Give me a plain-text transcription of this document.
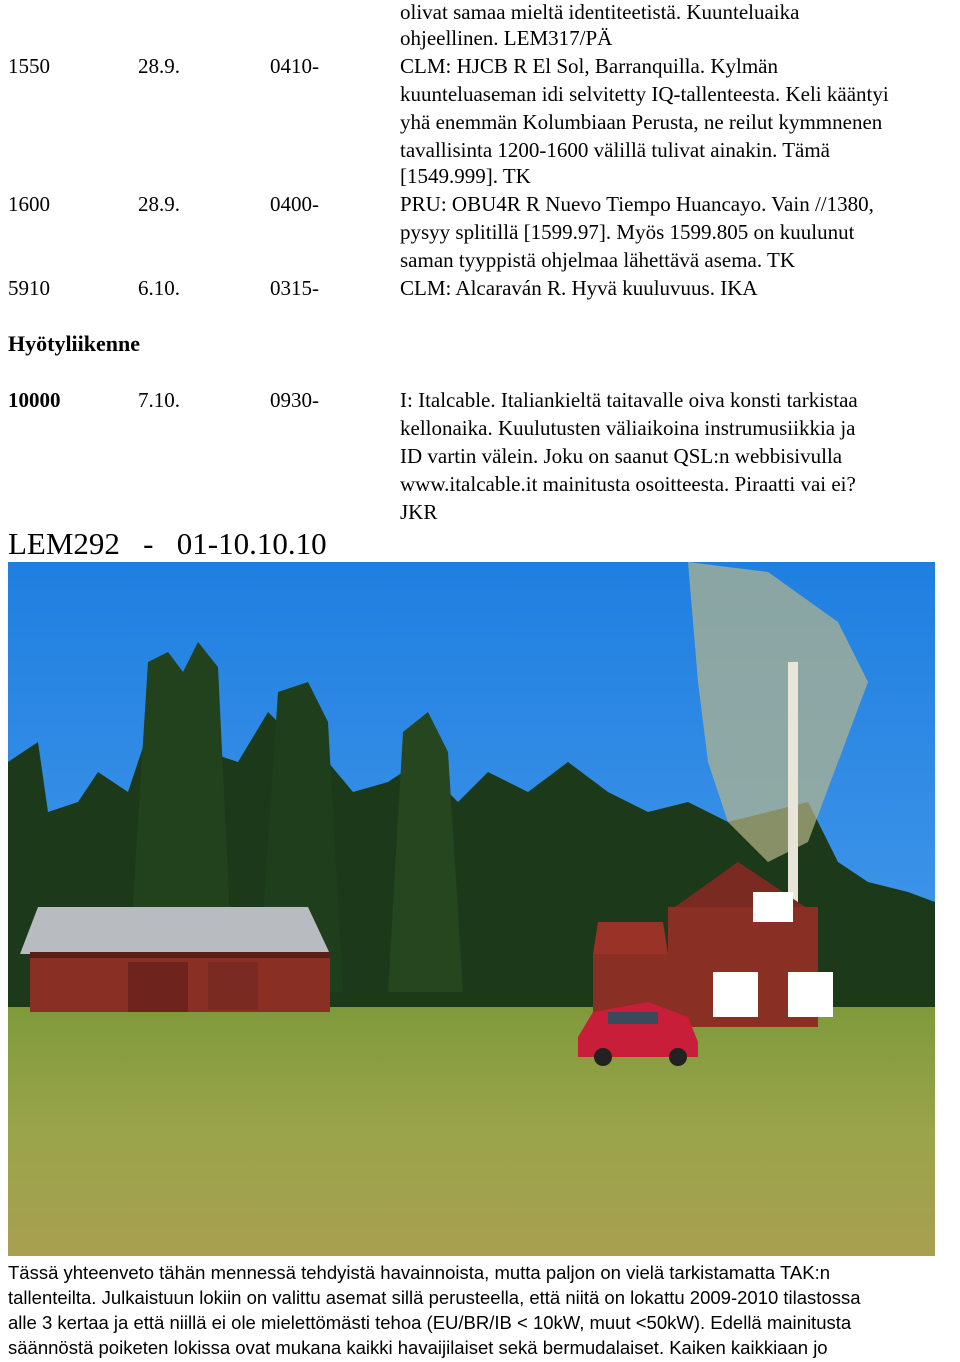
olivat samaa mieltä identiteetistä. Kuunteluaika
ohjeellinen. LEM317/PÄ
1550	28.9.	0410-	CLM: HJCB R El Sol, Barranquilla. Kylmän
kuunteluaseman idi selvitetty IQ-tallenteesta. Keli kääntyi
yhä enemmän Kolumbiaan Perusta, ne reilut kymmnenen
tavallisinta 1200-1600 välillä tulivat ainakin. Tämä
[1549.999]. TK
1600	28.9.	0400-	PRU: OBU4R R Nuevo Tiempo Huancayo. Vain //1380,
pysyy splitillä [1599.97]. Myös 1599.805 on kuulunut
saman tyyppistä ohjelmaa lähettävä asema. TK
5910	6.10.	0315-	CLM: Alcaraván R. Hyvä kuuluvuus. IKA
Hyötyliikenne
10000	7.10.	0930-	I: Italcable. Italiankieltä taitavalle oiva konsti tarkistaa
kellonaika. Kuulutusten väliaikoina instrumusiikkia ja
ID vartin välein. Joku on saanut QSL:n webbisivulla
www.italcable.it mainitusta osoitteesta. Piraatti vai ei?
JKR
LEM292   -   01-10.10.10
Tässä yhteenveto tähän mennessä tehdyistä havainnoista, mutta paljon on vielä tarkistamatta TAK:n
tallenteilta. Julkaistuun lokiin on valittu asemat sillä perusteella, että niitä on lokattu 2009-2010 tilastossa
alle 3 kertaa ja että niillä ei ole mielettömästi tehoa (EU/BR/IB < 10kW, muut <50kW). Edellä mainitusta
säännöstä poiketen lokissa ovat mukana kaikki havaijilaiset sekä bermudalaiset. Kaiken kaikkiaan jo
